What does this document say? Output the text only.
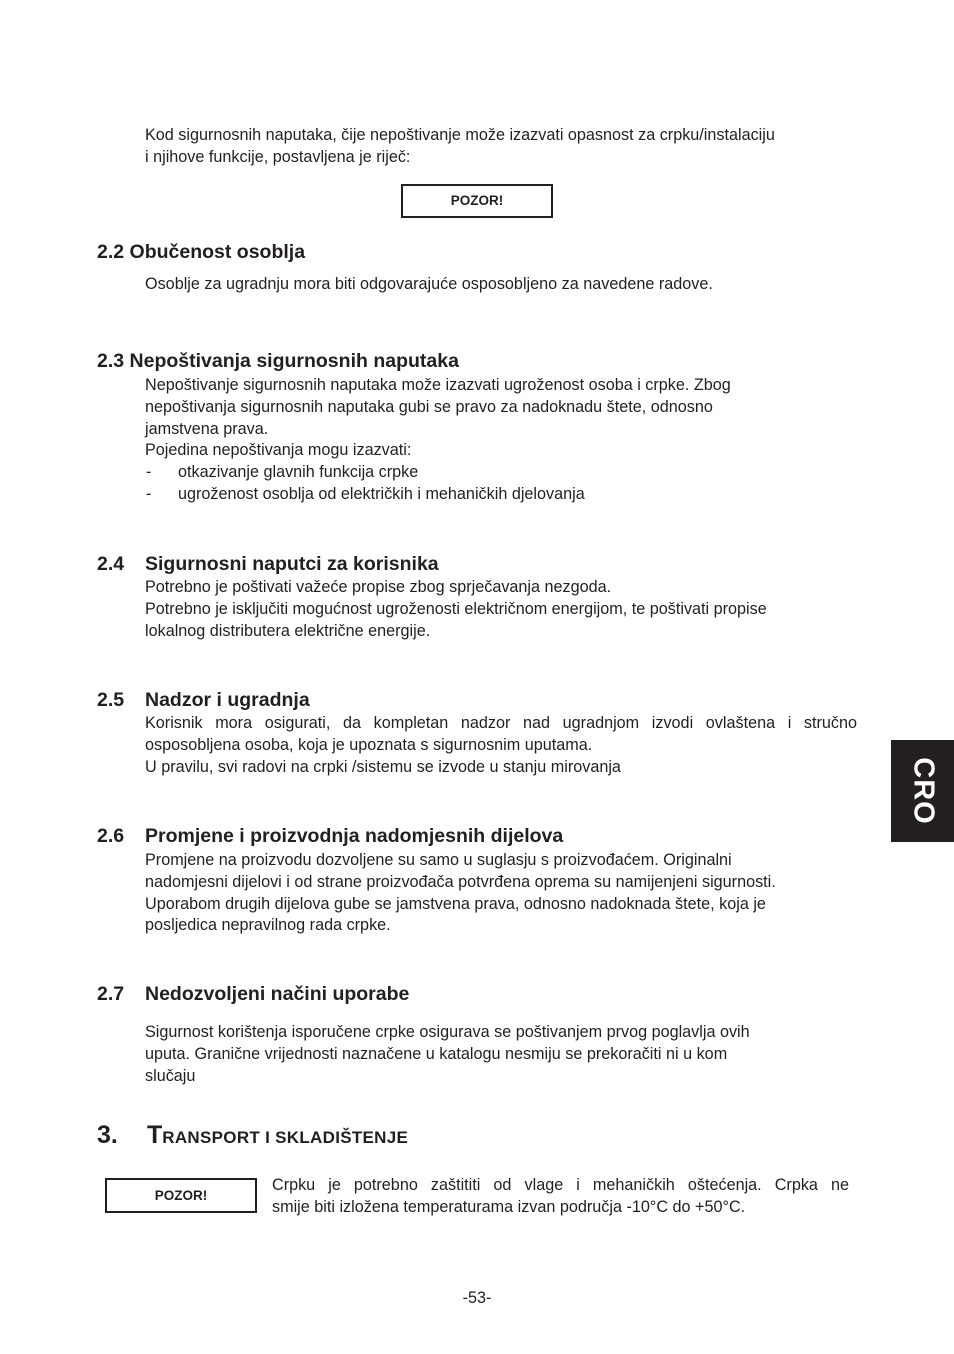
Kod sigurnosnih naputaka, čije nepoštivanje može izazvati opasnost za crpku/instalaciju
i njihove funkcije, postavljena je riječ:
POZOR!
2.2 Obučenost osoblja
Osoblje za ugradnju mora biti odgovarajuće osposobljeno za navedene radove.
2.3 Nepoštivanja sigurnosnih naputaka
Nepoštivanje sigurnosnih naputaka može izazvati ugroženost osoba i crpke. Zbog
nepoštivanja sigurnosnih naputaka gubi se pravo za nadoknadu štete, odnosno
jamstvena prava.
Pojedina nepoštivanja mogu izazvati:
- otkazivanje glavnih funkcija crpke
- ugroženost osoblja od električkih i mehaničkih djelovanja
2.4 Sigurnosni naputci za korisnika
Potrebno je poštivati važeće propise zbog sprječavanja nezgoda.
Potrebno je isključiti mogućnost ugroženosti električnom energijom, te poštivati propise
lokalnog distributera električne energije.
2.5 Nadzor i ugradnja
Korisnik mora osigurati, da kompletan nadzor nad ugradnjom izvodi ovlaštena i stručno
osposobljena osoba, koja je upoznata s sigurnosnim uputama.
U pravilu, svi radovi na crpki /sistemu se izvode u stanju mirovanja
2.6 Promjene i proizvodnja nadomjesnih dijelova
Promjene na proizvodu dozvoljene su samo u suglasju s proizvođaćem. Originalni
nadomjesni dijelovi i od strane proizvođača potvrđena oprema su namijenjeni sigurnosti.
Uporabom drugih dijelova gube se jamstvena prava, odnosno nadoknada štete, koja je
posljedica nepravilnog rada crpke.
2.7 Nedozvoljeni načini uporabe
Sigurnost korištenja isporučene crpke osigurava se poštivanjem prvog poglavlja ovih
uputa. Granične vrijednosti naznačene u katalogu nesmiju se prekoračiti ni u kom
slučaju
3. TRANSPORT I SKLADIŠTENJE
POZOR!
Crpku je potrebno zaštititi od vlage i mehaničkih oštećenja. Crpka ne
smije biti izložena temperaturama izvan područja -10°C do +50°C.
-53-
CRO
